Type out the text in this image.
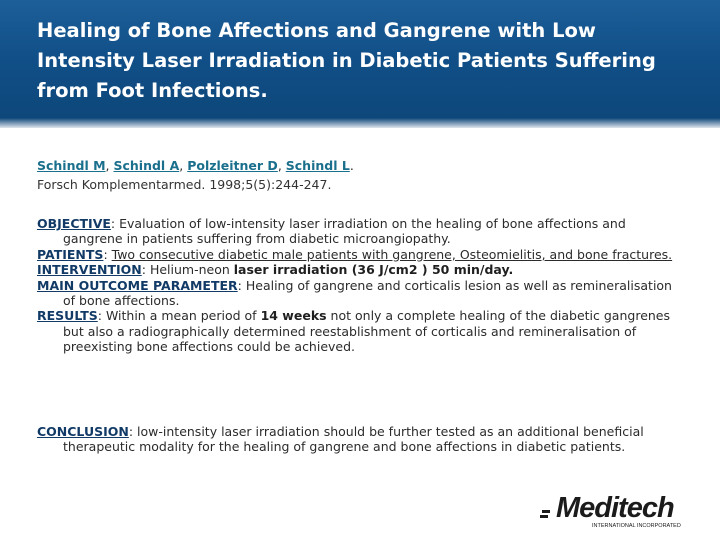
Healing of Bone Affections and Gangrene with Low Intensity Laser Irradiation in Diabetic Patients Suffering from Foot Infections.
Schindl M, Schindl A, Polzleitner D, Schindl L.
Forsch Komplementarmed. 1998;5(5):244-247.

OBJECTIVE: Evaluation of low-intensity laser irradiation on the healing of bone affections and gangrene in patients suffering from diabetic microangiopathy.

PATIENTS: Two consecutive diabetic male patients with gangrene, Osteomielitis, and bone fractures.

INTERVENTION: Helium-neon laser irradiation (36 J/cm2 ) 50 min/day.

MAIN OUTCOME PARAMETER: Healing of gangrene and corticalis lesion as well as remineralisation of bone affections.

RESULTS: Within a mean period of 14 weeks not only a complete healing of the diabetic gangrenes but also a radiographically determined reestablishment of corticalis and remineralisation of preexisting bone affections could be achieved.

CONCLUSION: low-intensity laser irradiation should be further tested as an additional beneficial therapeutic modality for the healing of gangrene and bone affections in diabetic patients.

Meditech
INTERNATIONAL INCORPORATED
